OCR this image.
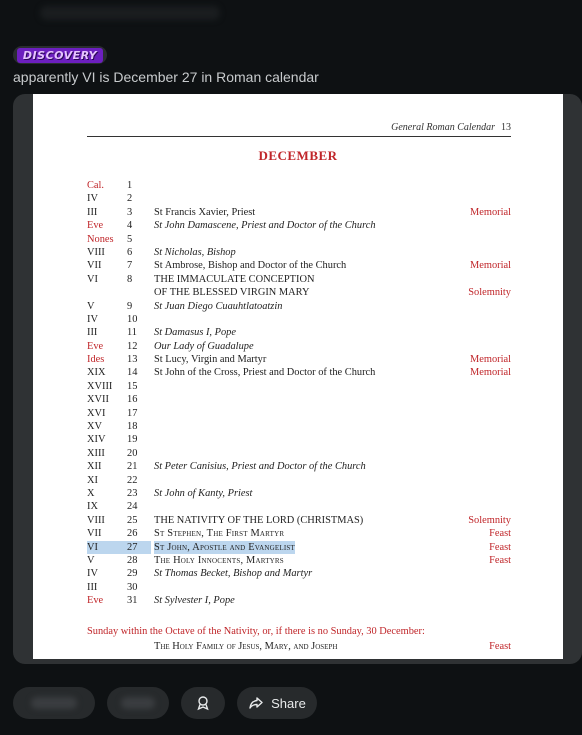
DISCOVERY
apparently VI is December 27 in Roman calendar
General Roman Calendar 13
DECEMBER
Cal.	1
IV	2
III	3	St Francis Xavier, Priest	Memorial
Eve	4	St John Damascene, Priest and Doctor of the Church
Nones	5
VIII	6	St Nicholas, Bishop
VII	7	St Ambrose, Bishop and Doctor of the Church	Memorial
VI	8	THE IMMACULATE CONCEPTION
OF THE BLESSED VIRGIN MARY	Solemnity
V	9	St Juan Diego Cuauhtlatoatzin
IV	10
III	11	St Damasus I, Pope
Eve	12	Our Lady of Guadalupe
Ides	13	St Lucy, Virgin and Martyr	Memorial
XIX	14	St John of the Cross, Priest and Doctor of the Church	Memorial
XVIII	15
XVII	16
XVI	17
XV	18
XIV	19
XIII	20
XII	21	St Peter Canisius, Priest and Doctor of the Church
XI	22
X	23	St John of Kanty, Priest
IX	24
VIII	25	THE NATIVITY OF THE LORD (CHRISTMAS)	Solemnity
VII	26	St Stephen, The First Martyr	Feast
VI	27	St John, Apostle and Evangelist	Feast
V	28	The Holy Innocents, Martyrs	Feast
IV	29	St Thomas Becket, Bishop and Martyr
III	30
Eve	31	St Sylvester I, Pope
Sunday within the Octave of the Nativity, or, if there is no Sunday, 30 December:
The Holy Family of Jesus, Mary, and Joseph	Feast
Share
